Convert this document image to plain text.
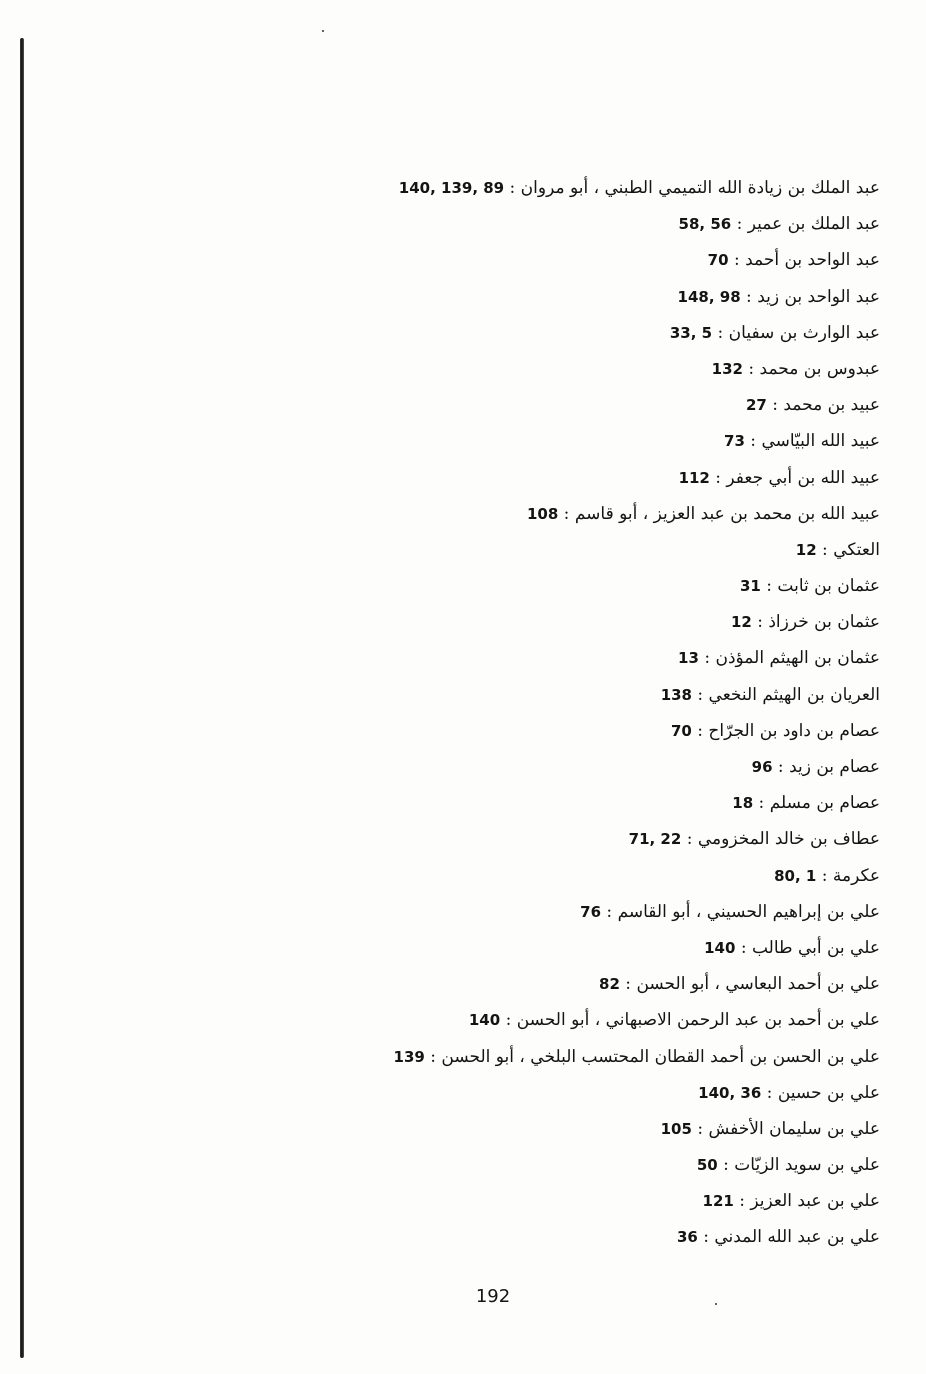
عبد الملك بن زيادة الله التميمي الطبني ، أبو مروان : 140, 139, 89
عبد الملك بن عمير : 58, 56
عبد الواحد بن أحمد : 70
عبد الواحد بن زيد : 148, 98
عبد الوارث بن سفيان : 33, 5
عبدوس بن محمد : 132
عبيد بن محمد : 27
عبيد الله البيّاسي : 73
عبيد الله بن أبي جعفر : 112
عبيد الله بن محمد بن عبد العزيز ، أبو قاسم : 108
العتكي : 12
عثمان بن ثابت : 31
عثمان بن خرزاذ : 12
عثمان بن الهيثم المؤذن : 13
العريان بن الهيثم النخعي : 138
عصام بن داود بن الجرّاح : 70
عصام بن زيد : 96
عصام بن مسلم : 18
عطاف بن خالد المخزومي : 71, 22
عكرمة : 80, 1
علي بن إبراهيم الحسيني ، أبو القاسم : 76
علي بن أبي طالب : 140
علي بن أحمد البعاسي ، أبو الحسن : 82
علي بن أحمد بن عبد الرحمن الاصبهاني ، أبو الحسن : 140
علي بن الحسن بن أحمد القطان المحتسب البلخي ، أبو الحسن : 139
علي بن حسين : 140, 36
علي بن سليمان الأخفش : 105
علي بن سويد الزيّات : 50
علي بن عبد العزيز : 121
علي بن عبد الله المدني : 36
192
